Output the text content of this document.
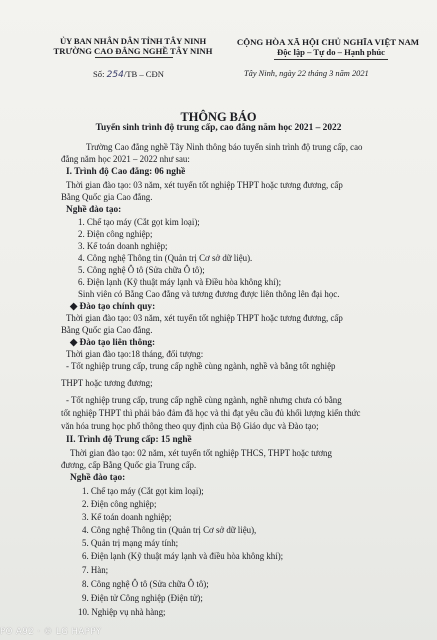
ỦY BAN NHÂN DÂN TỈNH TÂY NINH
TRƯỜNG CAO ĐẲNG NGHỀ TÂY NINH
CỘNG HÒA XÃ HỘI CHỦ NGHĨA VIỆT NAM
Độc lập – Tự do – Hạnh phúc
Số: 254/TB – CĐN	Tây Ninh, ngày 22 tháng 3 năm 2021
THÔNG BÁO
Tuyển sinh trình độ trung cấp, cao đẳng năm học 2021 – 2022
Trường Cao đẳng nghề Tây Ninh thông báo tuyển sinh trình độ trung cấp, cao
đẳng năm học 2021 – 2022 như sau:
I. Trình độ Cao đẳng: 06 nghề
Thời gian đào tạo: 03 năm, xét tuyển tốt nghiệp THPT hoặc tương đương, cấp
Bằng Quốc gia Cao đẳng.
Nghề đào tạo:
1. Chế tạo máy (Cắt gọt kim loại);
2. Điện công nghiệp;
3. Kế toán doanh nghiệp;
4. Công nghệ Thông tin (Quản trị Cơ sở dữ liệu).
5. Công nghệ Ô tô (Sửa chữa Ô tô);
6. Điện lạnh (Kỹ thuật máy lạnh và Điều hòa không khí);
Sinh viên có Bằng Cao đẳng và tương đương được liên thông lên đại học.
◆ Đào tạo chính quy:
Thời gian đào tạo: 03 năm, xét tuyển tốt nghiệp THPT hoặc tương đương, cấp
Bằng Quốc gia Cao đẳng.
◆ Đào tạo liên thông:
Thời gian đào tạo:18 tháng, đối tượng:
- Tốt nghiệp trung cấp, trung cấp nghề cùng ngành, nghề và bằng tốt nghiệp
THPT hoặc tương đương;
- Tốt nghiệp trung cấp, trung cấp nghề cùng ngành, nghề nhưng chưa có bằng
tốt nghiệp THPT thì phải bảo đảm đã học và thi đạt yêu cầu đủ khối lượng kiến thức
văn hóa trung học phổ thông theo quy định của Bộ Giáo dục và Đào tạo;
II. Trình độ Trung cấp: 15 nghề
Thời gian đào tạo: 02 năm, xét tuyển tốt nghiệp THCS, THPT hoặc tương
đương, cấp Bằng Quốc gia Trung cấp.
Nghề đào tạo:
1. Chế tạo máy (Cắt gọt kim loại);
2. Điện công nghiệp;
3. Kế toán doanh nghiệp;
4. Công nghệ Thông tin (Quản trị Cơ sở dữ liệu),
5. Quản trị mạng máy tính;
6. Điện lạnh (Kỹ thuật máy lạnh và điều hòa không khí);
7. Hàn;
8. Công nghệ Ô tô (Sửa chữa Ô tô);
9. Điện tử Công nghiệp (Điện tử);
10. Nghiệp vụ nhà hàng;
PO A92 · © LG HAPPY
